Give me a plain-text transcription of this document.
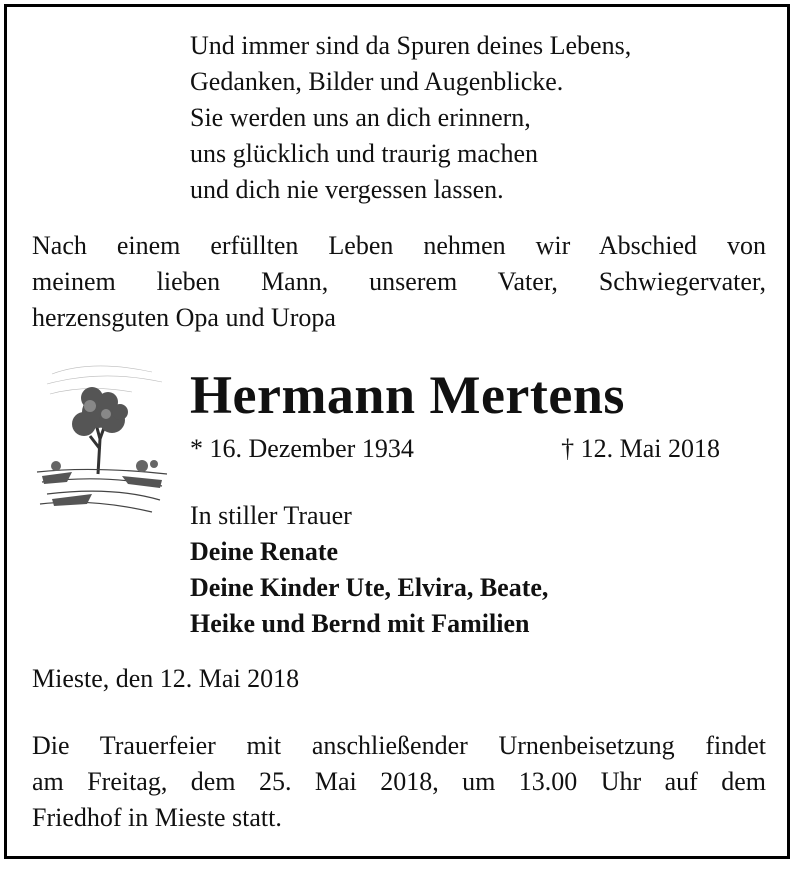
Und immer sind da Spuren deines Lebens,
Gedanken, Bilder und Augenblicke.
Sie werden uns an dich erinnern,
uns glücklich und traurig machen
und dich nie vergessen lassen.
Nach einem erfüllten Leben nehmen wir Abschied von
meinem lieben Mann, unserem Vater, Schwiegervater,
herzensguten Opa und Uropa
Hermann Mertens
* 16. Dezember 1934	† 12. Mai 2018
In stiller Trauer
Deine Renate
Deine Kinder Ute, Elvira, Beate,
Heike und Bernd mit Familien
Mieste, den 12. Mai 2018
Die Trauerfeier mit anschließender Urnenbeisetzung findet
am Freitag, dem 25. Mai 2018, um 13.00 Uhr auf dem
Friedhof in Mieste statt.
